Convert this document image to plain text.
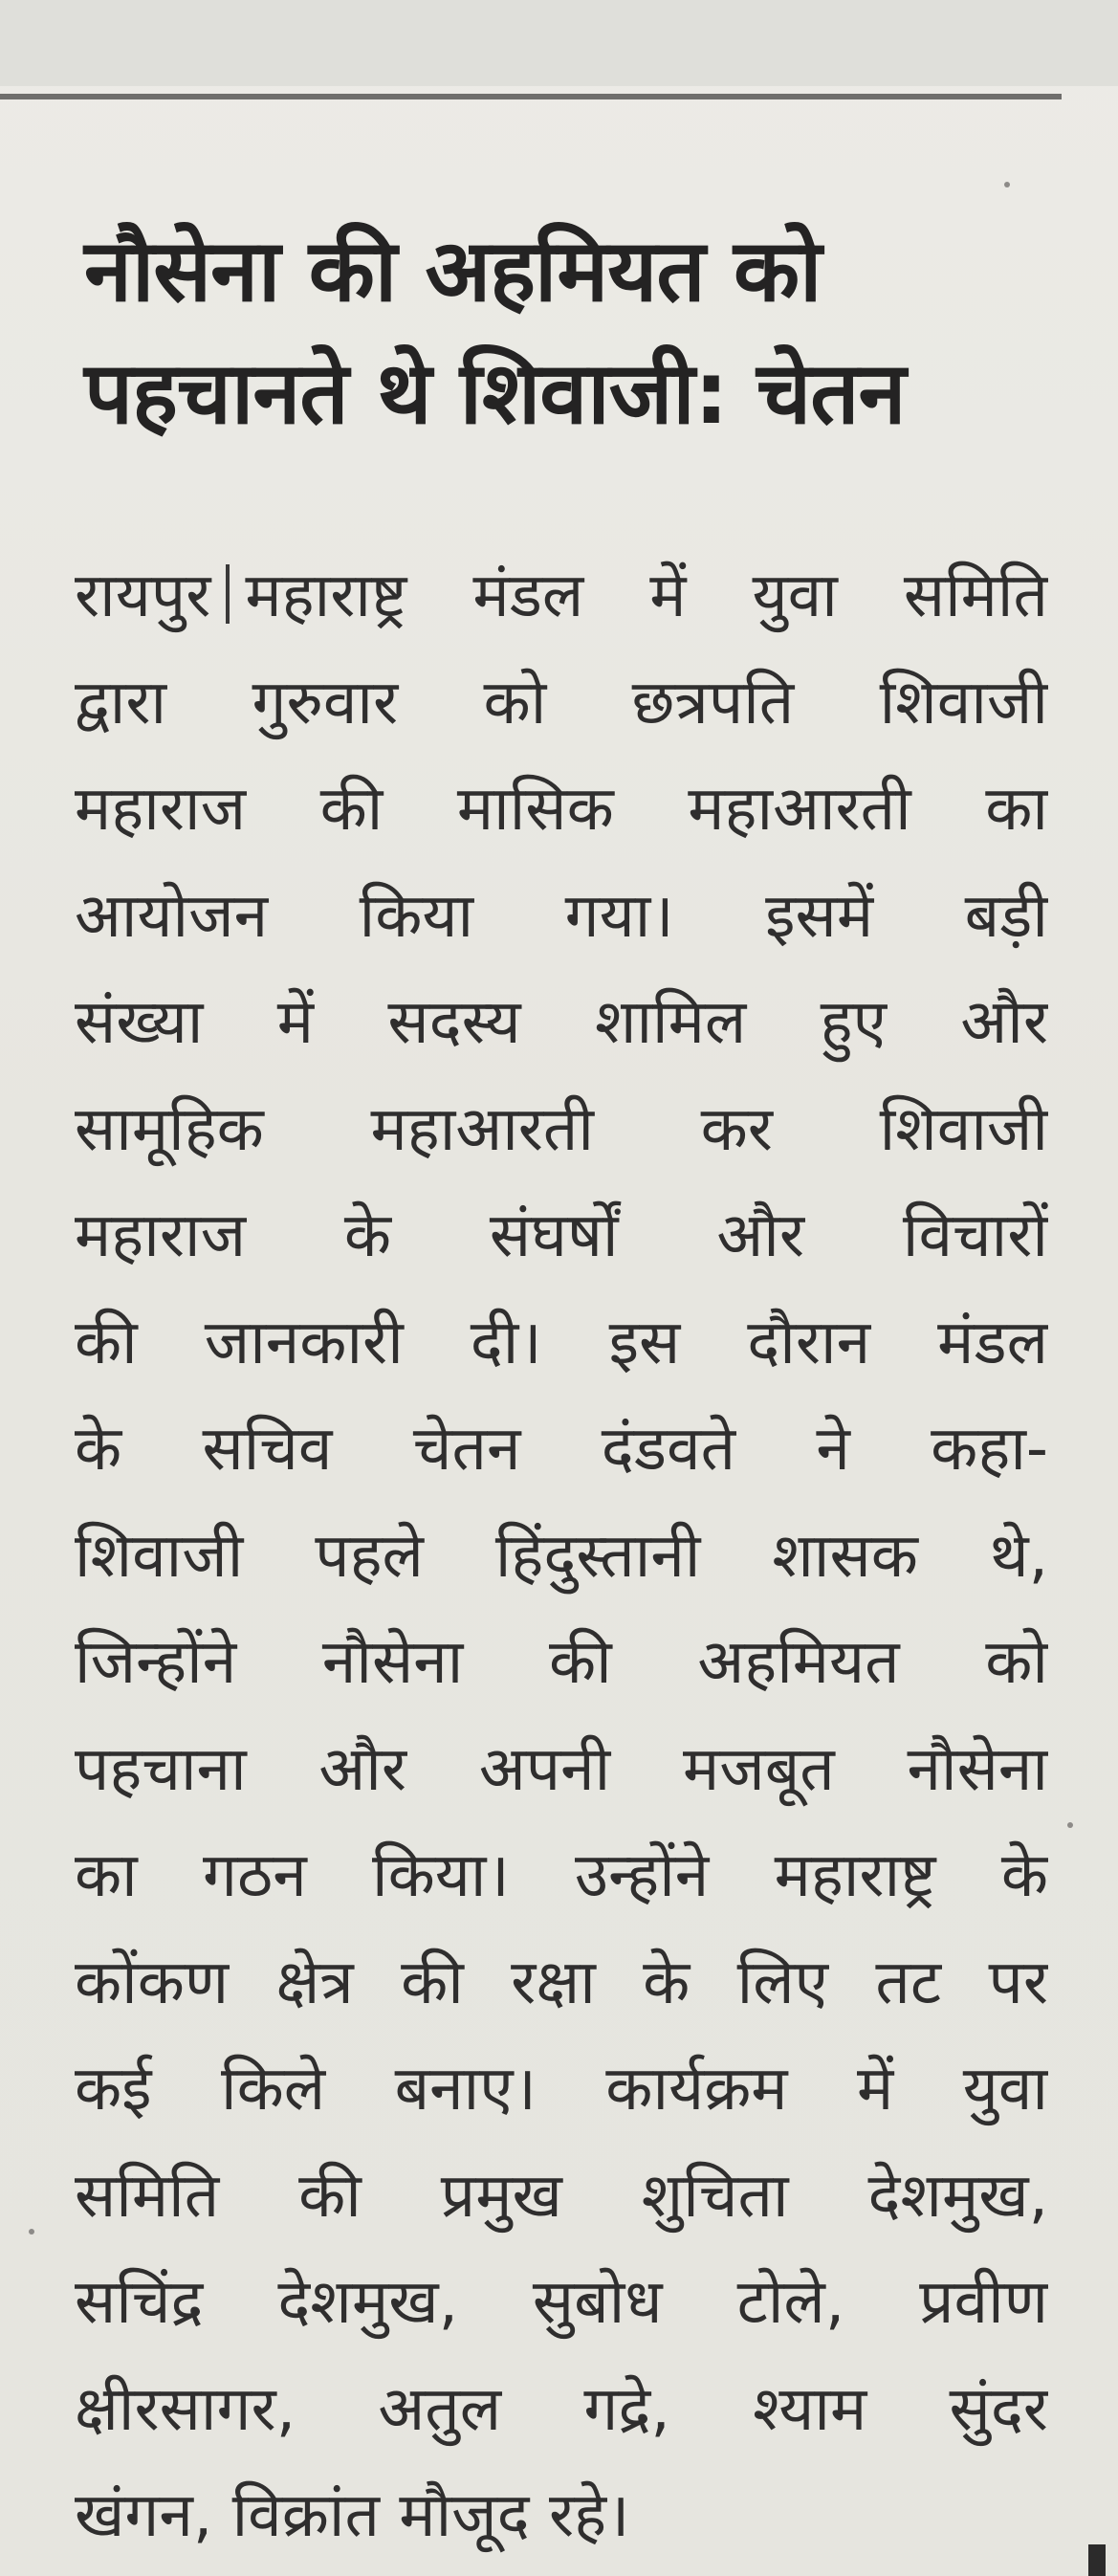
नौसेना की अहमियत को
पहचानते थे शिवाजी: चेतन
रायपुर महाराष्ट्र मंडल में युवा समिति
द्वारा गुरुवार को छत्रपति शिवाजी
महाराज की मासिक महाआरती का
आयोजन किया गया। इसमें बड़ी
संख्या में सदस्य शामिल हुए और
सामूहिक महाआरती कर शिवाजी
महाराज के संघर्षों और विचारों
की जानकारी दी। इस दौरान मंडल
के सचिव चेतन दंडवते ने कहा-
शिवाजी पहले हिंदुस्तानी शासक थे,
जिन्होंने नौसेना की अहमियत को
पहचाना और अपनी मजबूत नौसेना
का गठन किया। उन्होंने महाराष्ट्र के
कोंकण क्षेत्र की रक्षा के लिए तट पर
कई किले बनाए। कार्यक्रम में युवा
समिति की प्रमुख शुचिता देशमुख,
सचिंद्र देशमुख, सुबोध टोले, प्रवीण
क्षीरसागर, अतुल गद्रे, श्याम सुंदर
खंगन, विक्रांत मौजूद रहे।
